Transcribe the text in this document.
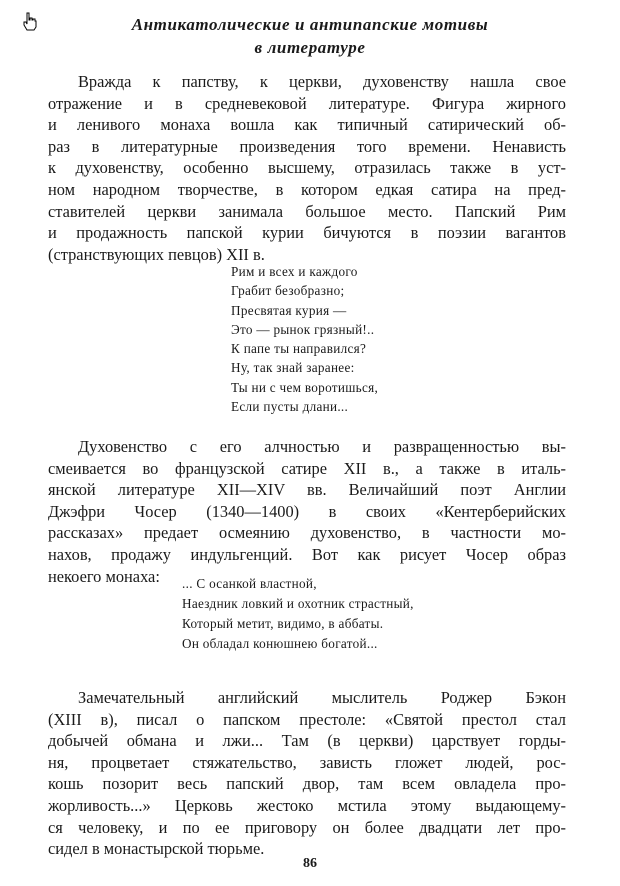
Антикатолические и антипапские мотивы
в литературе
Вражда к папству, к церкви, духовенству нашла свое
отражение и в средневековой литературе. Фигура жирного
и ленивого монаха вошла как типичный сатирический об-
раз в литературные произведения того времени. Ненависть
к духовенству, особенно высшему, отразилась также в уст-
ном народном творчестве, в котором едкая сатира на пред-
ставителей церкви занимала большое место. Папский Рим
и продажность папской курии бичуются в поэзии вагантов
(странствующих певцов) XII в.
Рим и всех и каждого
Грабит безобразно;
Пресвятая курия —
Это — рынок грязный!..
К папе ты направился?
Ну, так знай заранее:
Ты ни с чем воротишься,
Если пусты длани...
Духовенство с его алчностью и развращенностью вы-
смеивается во французской сатире XII в., а также в италь-
янской литературе XII—XIV вв. Величайший поэт Англии
Джэфри Чосер (1340—1400) в своих «Кентерберийских
рассказах» предает осмеянию духовенство, в частности мо-
нахов, продажу индульгенций. Вот как рисует Чосер образ
некоего монаха:	... С осанкой властной,
Наездник ловкий и охотник страстный,
Который метит, видимо, в аббаты.
Он обладал конюшнею богатой...
Замечательный английский мыслитель Роджер Бэкон
(XIII в), писал о папском престоле: «Святой престол стал
добычей обмана и лжи... Там (в церкви) царствует горды-
ня, процветает стяжательство, зависть гложет людей, рос-
кошь позорит весь папский двор, там всем овладела про-
жорливость...» Церковь жестоко мстила этому выдающему-
ся человеку, и по ее приговору он более двадцати лет про-
сидел в монастырской тюрьме.
86
